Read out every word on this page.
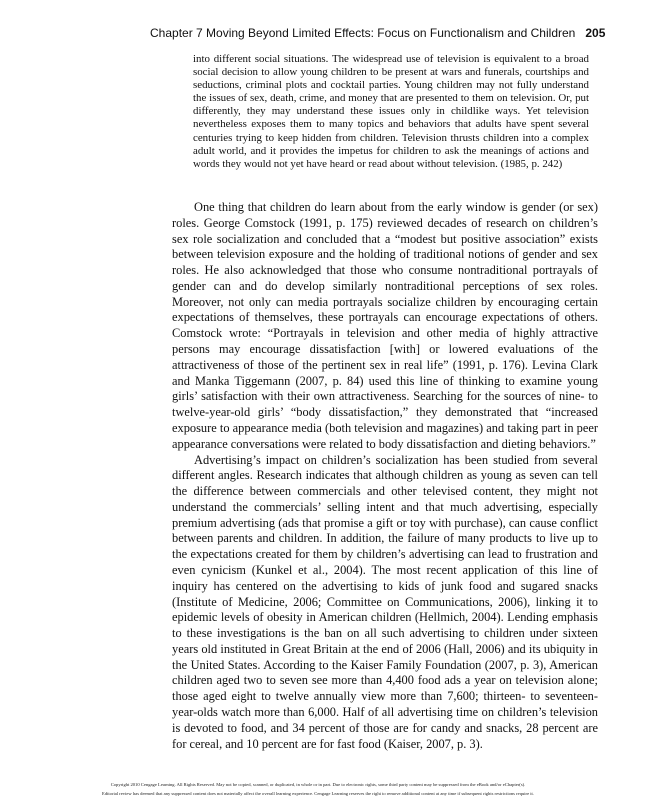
Chapter 7 Moving Beyond Limited Effects: Focus on Functionalism and Children 205
into different social situations. The widespread use of television is equivalent to a broad social decision to allow young children to be present at wars and funerals, courtships and seductions, criminal plots and cocktail parties. Young children may not fully understand the issues of sex, death, crime, and money that are presented to them on television. Or, put differently, they may understand these issues only in childlike ways. Yet television nevertheless exposes them to many topics and behaviors that adults have spent several centuries trying to keep hidden from children. Television thrusts children into a complex adult world, and it provides the impetus for children to ask the meanings of actions and words they would not yet have heard or read about without television. (1985, p. 242)

One thing that children do learn about from the early window is gender (or sex) roles. George Comstock (1991, p. 175) reviewed decades of research on children’s sex role socialization and concluded that a “modest but positive association” exists between television exposure and the holding of traditional notions of gender and sex roles. He also acknowledged that those who consume nontraditional portrayals of gender can and do develop similarly nontraditional perceptions of sex roles. Moreover, not only can media portrayals socialize children by encouraging certain expectations of themselves, these portrayals can encourage expectations of others. Comstock wrote: “Portrayals in television and other media of highly attractive persons may encourage dissatisfaction [with] or lowered evaluations of the attractiveness of those of the pertinent sex in real life” (1991, p. 176). Levina Clark and Manka Tiggemann (2007, p. 84) used this line of thinking to examine young girls’ satisfaction with their own attractiveness. Searching for the sources of nine- to twelve-year-old girls’ “body dissatisfaction,” they demonstrated that “increased exposure to appearance media (both television and magazines) and taking part in peer appearance conversations were related to body dissatisfaction and dieting behaviors.”

Advertising’s impact on children’s socialization has been studied from several different angles. Research indicates that although children as young as seven can tell the difference between commercials and other televised content, they might not understand the commercials’ selling intent and that much advertising, especially premium advertising (ads that promise a gift or toy with purchase), can cause conflict between parents and children. In addition, the failure of many products to live up to the expectations created for them by children’s advertising can lead to frustration and even cynicism (Kunkel et al., 2004). The most recent application of this line of inquiry has centered on the advertising to kids of junk food and sugared snacks (Institute of Medicine, 2006; Committee on Communications, 2006), linking it to epidemic levels of obesity in American children (Hellmich, 2004). Lending emphasis to these investigations is the ban on all such advertising to children under sixteen years old instituted in Great Britain at the end of 2006 (Hall, 2006) and its ubiquity in the United States. According to the Kaiser Family Foundation (2007, p. 3), American children aged two to seven see more than 4,400 food ads a year on television alone; those aged eight to twelve annually view more than 7,600; thirteen- to seventeen-year-olds watch more than 6,000. Half of all advertising time on children’s television is devoted to food, and 34 percent of those are for candy and snacks, 28 percent are for cereal, and 10 percent are for fast food (Kaiser, 2007, p. 3).

Copyright 2010 Cengage Learning. All Rights Reserved. May not be copied, scanned, or duplicated, in whole or in part. Due to electronic rights, some third party content may be suppressed from the eBook and/or eChapter(s).
Editorial review has deemed that any suppressed content does not materially affect the overall learning experience. Cengage Learning reserves the right to remove additional content at any time if subsequent rights restrictions require it.
